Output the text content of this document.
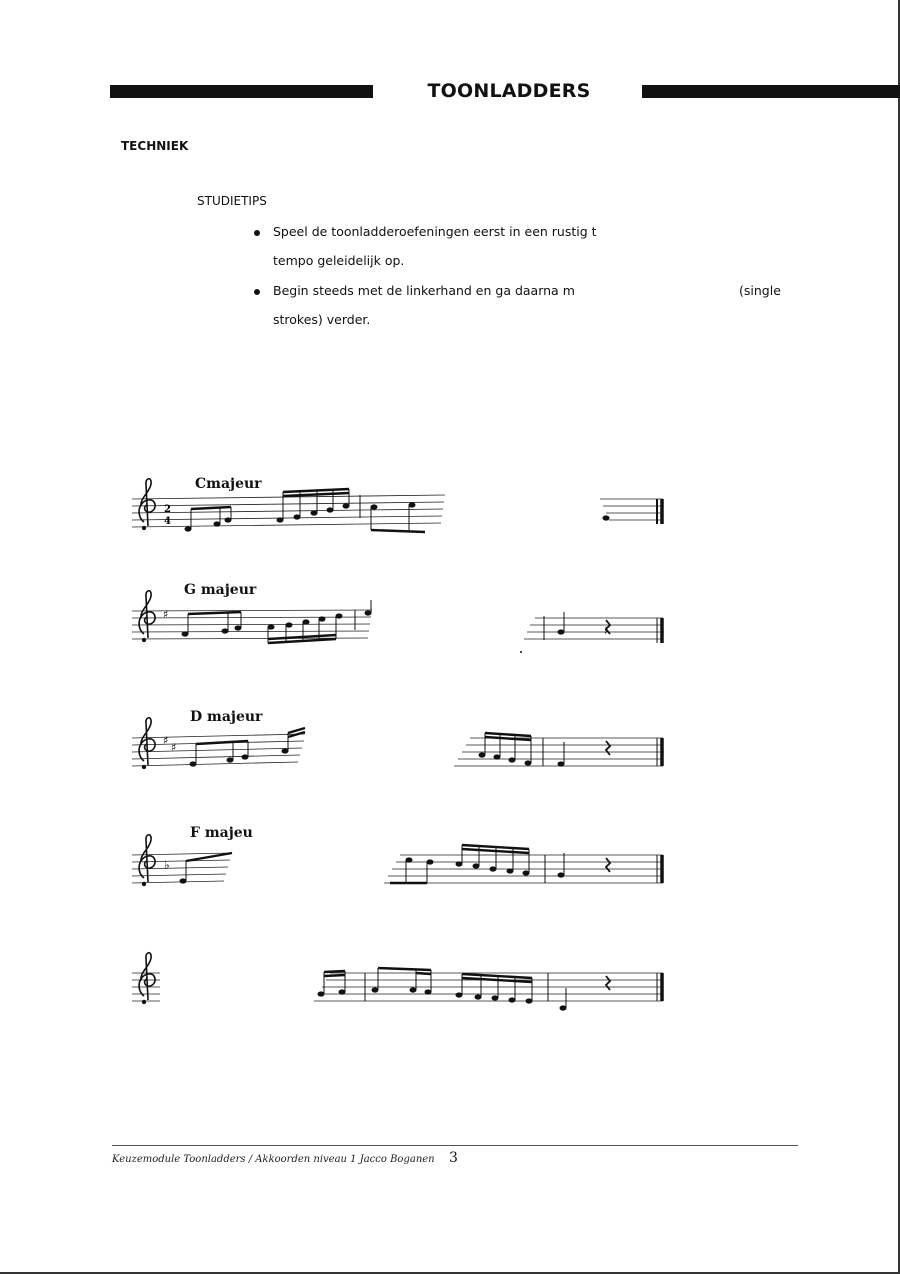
TOONLADDERS
TECHNIEK
STUDIETIPS
Speel de toonladderoefeningen eerst in een rustig t
tempo geleidelijk op.
Begin steeds met de linkerhand en ga daarna m	(single
strokes) verder.
Cmajeur
G majeur
D majeur
F majeu
2
4
♯
𝄽
♯
♯
♭
Keuzemodule Toonladders / Akkoorden niveau 1 Jacco Boganen 3
